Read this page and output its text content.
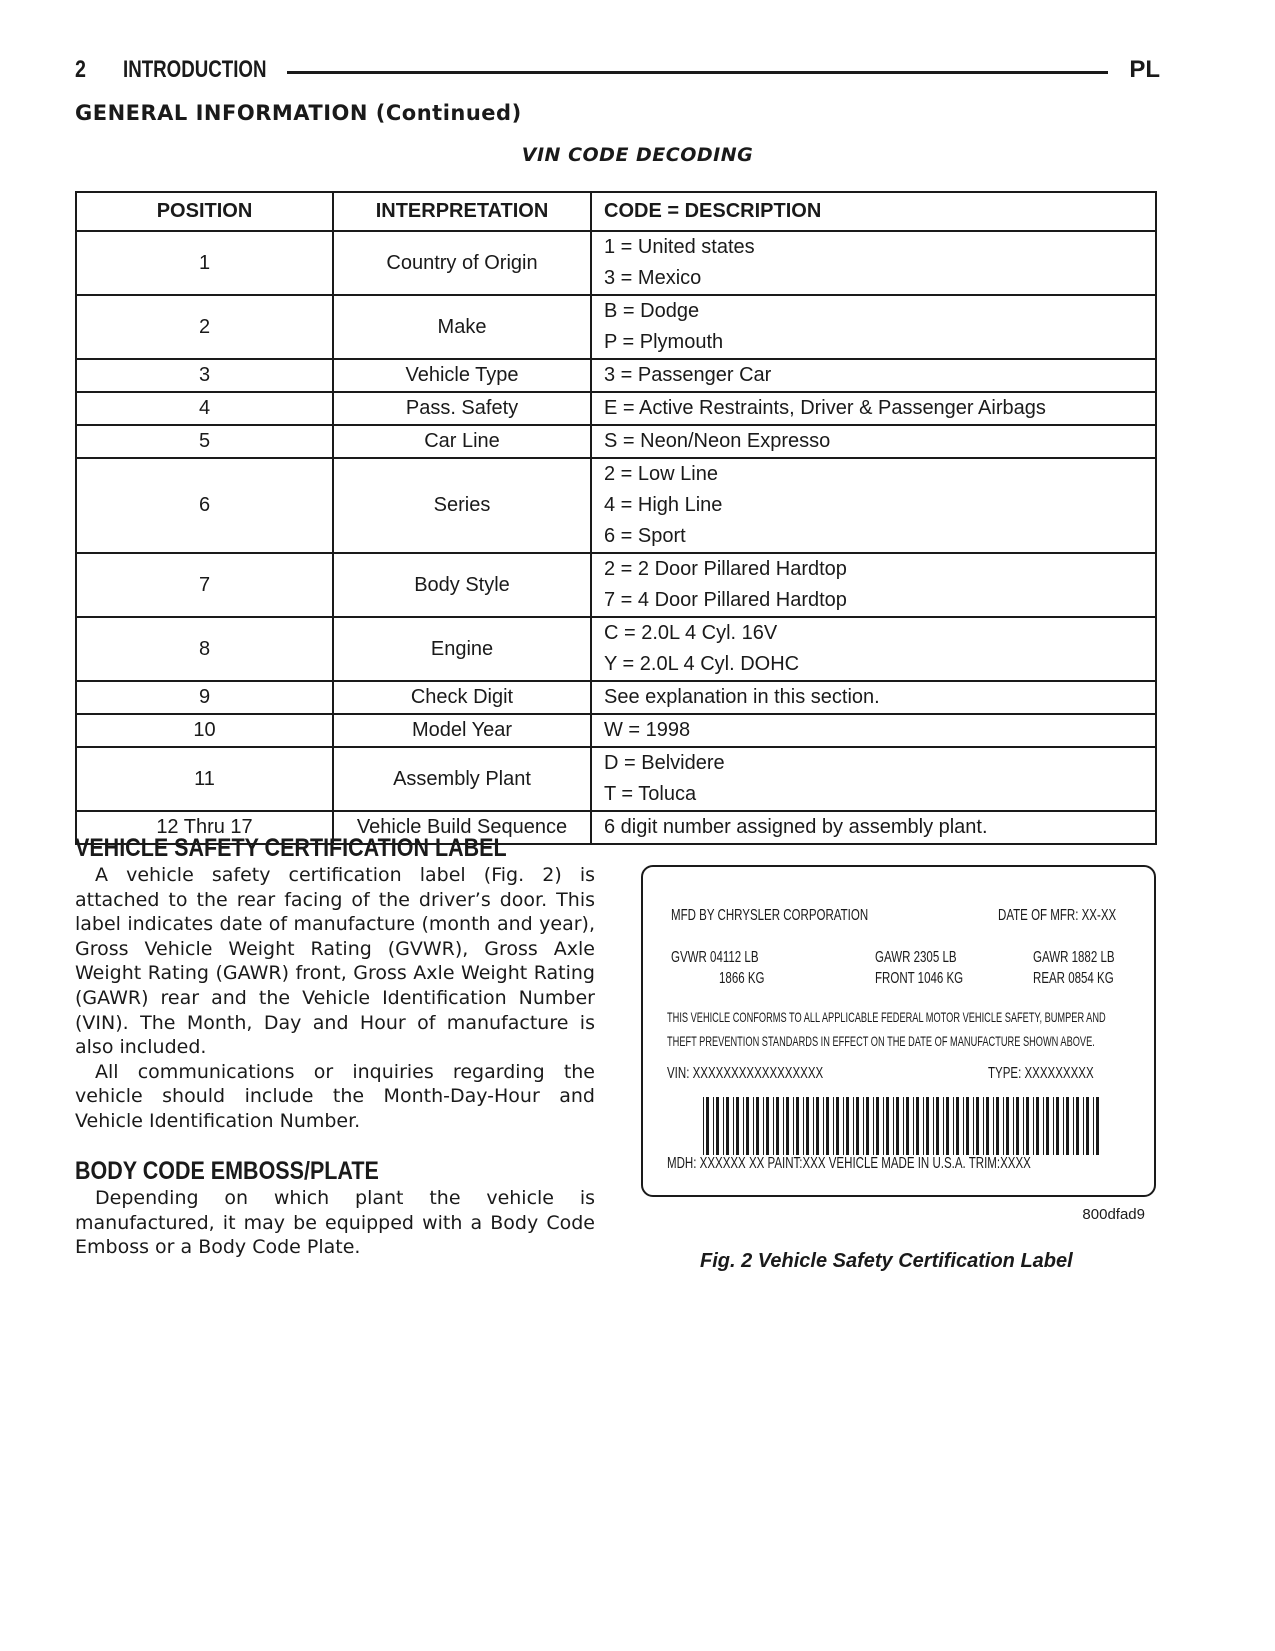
2 INTRODUCTION	PL
GENERAL INFORMATION (Continued)
VIN CODE DECODING
POSITION	INTERPRETATION	CODE = DESCRIPTION
1	Country of Origin	1 = United states
3 = Mexico

2	Make	B = Dodge
P = Plymouth

3	Vehicle Type	3 = Passenger Car

4	Pass. Safety	E = Active Restraints, Driver & Passenger Airbags

5	Car Line	S = Neon/Neon Expresso

6	Series	2 = Low Line
4 = High Line
6 = Sport

7	Body Style	2 = 2 Door Pillared Hardtop
7 = 4 Door Pillared Hardtop

8	Engine	C = 2.0L 4 Cyl. 16V
Y = 2.0L 4 Cyl. DOHC

9	Check Digit	See explanation in this section.

10	Model Year	W = 1998

11	Assembly Plant	D = Belvidere
T = Toluca

12 Thru 17	Vehicle Build Sequence	6 digit number assigned by assembly plant.
VEHICLE SAFETY CERTIFICATION LABEL

A vehicle safety certification label (Fig. 2) is attached to the rear facing of the driver’s door. This label indicates date of manufacture (month and year), Gross Vehicle Weight Rating (GVWR), Gross Axle Weight Rating (GAWR) front, Gross Axle Weight Rating (GAWR) rear and the Vehicle Identification Number (VIN). The Month, Day and Hour of manufacture is also included.

All communications or inquiries regarding the vehicle should include the Month-Day-Hour and Vehicle Identification Number.

BODY CODE EMBOSS/PLATE

Depending on which plant the vehicle is manufactured, it may be equipped with a Body Code Emboss or a Body Code Plate.

MFD BY CHRYSLER CORPORATION	DATE OF MFR: XX-XX
GVWR 04112 LB
1866 KG
GAWR 2305 LB
FRONT 1046 KG
GAWR 1882 LB
REAR 0854 KG
THIS VEHICLE CONFORMS TO ALL APPLICABLE FEDERAL MOTOR VEHICLE SAFETY, BUMPER AND
THEFT PREVENTION STANDARDS IN EFFECT ON THE DATE OF MANUFACTURE SHOWN ABOVE.
VIN: XXXXXXXXXXXXXXXXX	TYPE: XXXXXXXXX
MDH: XXXXXX XX PAINT:XXX VEHICLE MADE IN U.S.A. TRIM:XXXX
800dfad9
Fig. 2 Vehicle Safety Certification Label
